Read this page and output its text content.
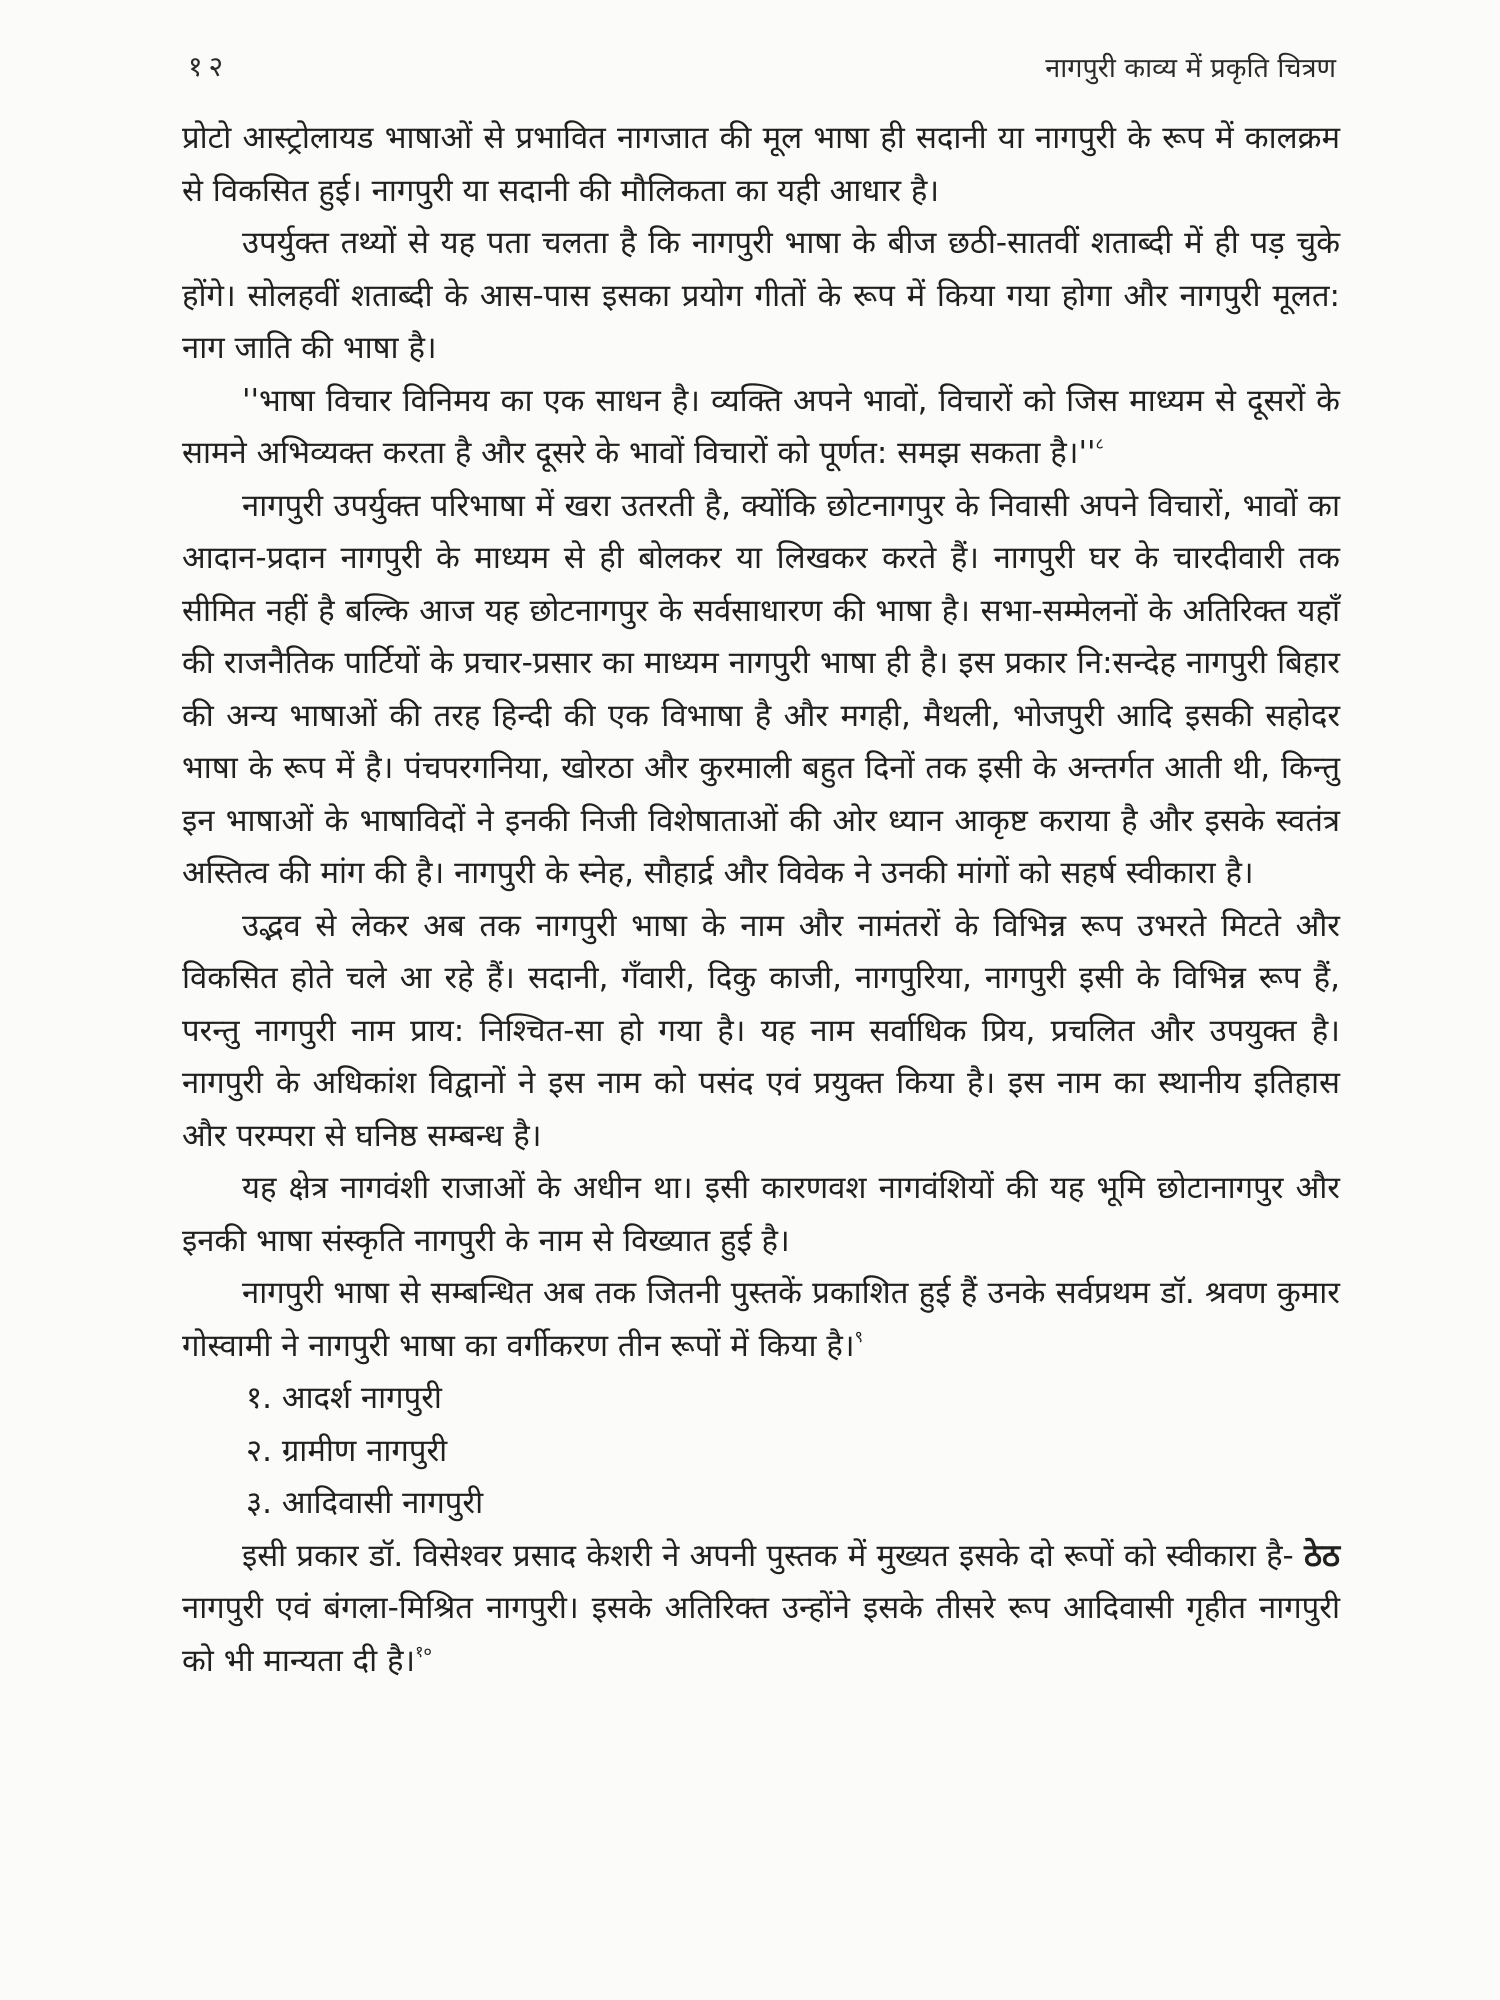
१२	नागपुरी काव्य में प्रकृति चित्रण

प्रोटो आस्ट्रोलायड भाषाओं से प्रभावित नागजात की मूल भाषा ही सदानी या नागपुरी के रूप में कालक्रम से विकसित हुई। नागपुरी या सदानी की मौलिकता का यही आधार है।

उपर्युक्त तथ्यों से यह पता चलता है कि नागपुरी भाषा के बीज छठी-सातवीं शताब्दी में ही पड़ चुके होंगे। सोलहवीं शताब्दी के आस-पास इसका प्रयोग गीतों के रूप में किया गया होगा और नागपुरी मूलत: नाग जाति की भाषा है।

''भाषा विचार विनिमय का एक साधन है। व्यक्ति अपने भावों, विचारों को जिस माध्यम से दूसरों के सामने अभिव्यक्त करता है और दूसरे के भावों विचारों को पूर्णत: समझ सकता $है।''^८$

नागपुरी उपर्युक्त परिभाषा में खरा उतरती है, क्योंकि छोटनागपुर के निवासी अपने विचारों, भावों का आदान-प्रदान नागपुरी के माध्यम से ही बोलकर या लिखकर करते हैं। नागपुरी घर के चारदीवारी तक सीमित नहीं है बल्कि आज यह छोटनागपुर के सर्वसाधारण की भाषा है। सभा-सम्मेलनों के अतिरिक्त यहाँ की राजनैतिक पार्टियों के प्रचार-प्रसार का माध्यम नागपुरी भाषा ही है। इस प्रकार नि:सन्देह नागपुरी बिहार की अन्य भाषाओं की तरह हिन्दी की एक विभाषा है और मगही, मैथली, भोजपुरी आदि इसकी सहोदर भाषा के रूप में है। पंचपरगनिया, खोरठा और कुरमाली बहुत दिनों तक इसी के अन्तर्गत आती थी, किन्तु इन भाषाओं के भाषाविदों ने इनकी निजी विशेषाताओं की ओर ध्यान आकृष्ट कराया है और इसके स्वतंत्र अस्तित्व की मांग की है। नागपुरी के स्नेह, सौहार्द्र और विवेक ने उनकी मांगों को सहर्ष स्वीकारा है।

उद्भव से लेकर अब तक नागपुरी भाषा के नाम और नामंतरों के विभिन्न रूप उभरते मिटते और विकसित होते चले आ रहे हैं। सदानी, गँवारी, दिकु काजी, नागपुरिया, नागपुरी इसी के विभिन्न रूप हैं, परन्तु नागपुरी नाम प्राय: निश्चित-सा हो गया है। यह नाम सर्वाधिक प्रिय, प्रचलित और उपयुक्त है। नागपुरी के अधिकांश विद्वानों ने इस नाम को पसंद एवं प्रयुक्त किया है। इस नाम का स्थानीय इतिहास और परम्परा से घनिष्ठ सम्बन्ध है।

यह क्षेत्र नागवंशी राजाओं के अधीन था। इसी कारणवश नागवंशियों की यह भूमि छोटानागपुर और इनकी भाषा संस्कृति नागपुरी के नाम से विख्यात हुई है।

नागपुरी भाषा से सम्बन्धित अब तक जितनी पुस्तकें प्रकाशित हुई हैं उनके सर्वप्रथम डॉ. श्रवण कुमार गोस्वामी ने नागपुरी भाषा का वर्गीकरण तीन रूपों में किया है।$^९$

१. आदर्श नागपुरी
२. ग्रामीण नागपुरी
३. आदिवासी नागपुरी

इसी प्रकार डॉ. विसेश्वर प्रसाद केशरी ने अपनी पुस्तक में मुख्यत इसके दो रूपों को स्वीकारा है- ठेठ नागपुरी एवं बंगला-मिश्रित नागपुरी। इसके अतिरिक्त उन्होंने इसके तीसरे रूप आदिवासी गृहीत नागपुरी को भी मान्यता दी है।$^{१०}$
